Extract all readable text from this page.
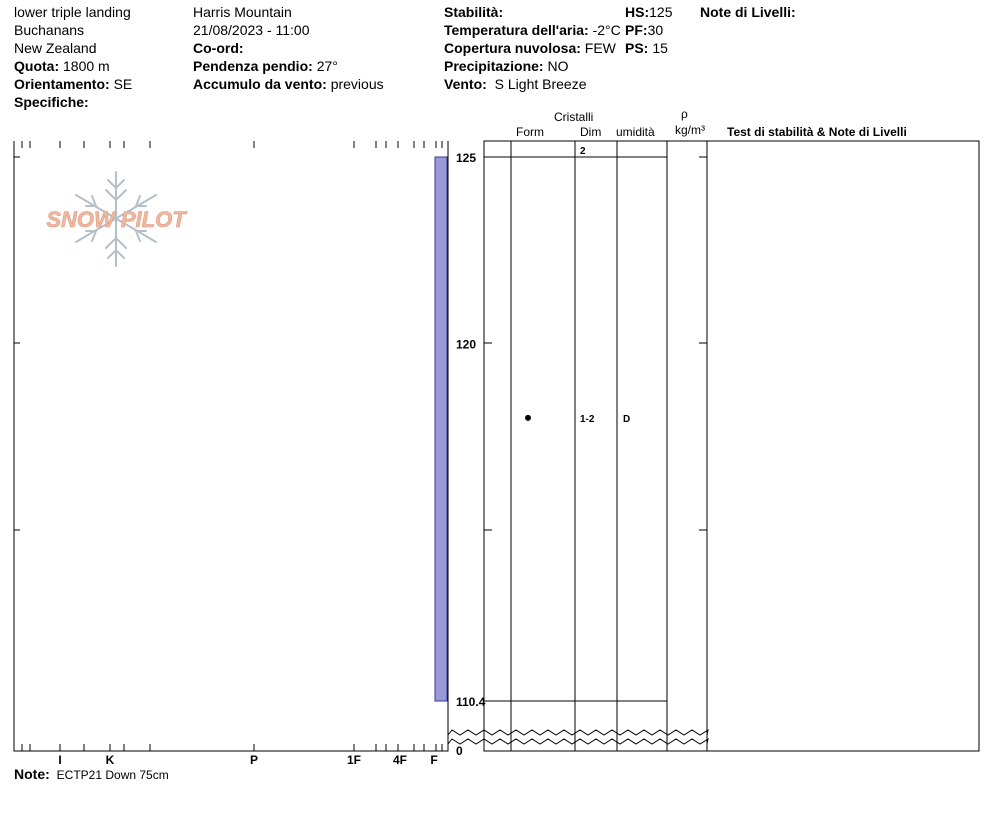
lower triple landing
Buchanans
New Zealand
Quota: 1800 m
Orientamento: SE
Specifiche:
Harris Mountain
21/08/2023 - 11:00
Co-ord:
Pendenza pendio: 27°
Accumulo da vento: previous
Stabilità:
Temperatura dell'aria: -2°C
Copertura nuvolosa: FEW
Precipitazione: NO
Vento: S Light Breeze
HS:125
PF:30
PS: 15
Note di Livelli:
Cristalli
Form	Dim umidità
ρ
kg/m³ Test di stabilità & Note di Livelli
SNOW PILOT
I	K	P	1F	4F F
125
120
110.4
0
2
1-2	D
Note: ECTP21 Down 75cm
